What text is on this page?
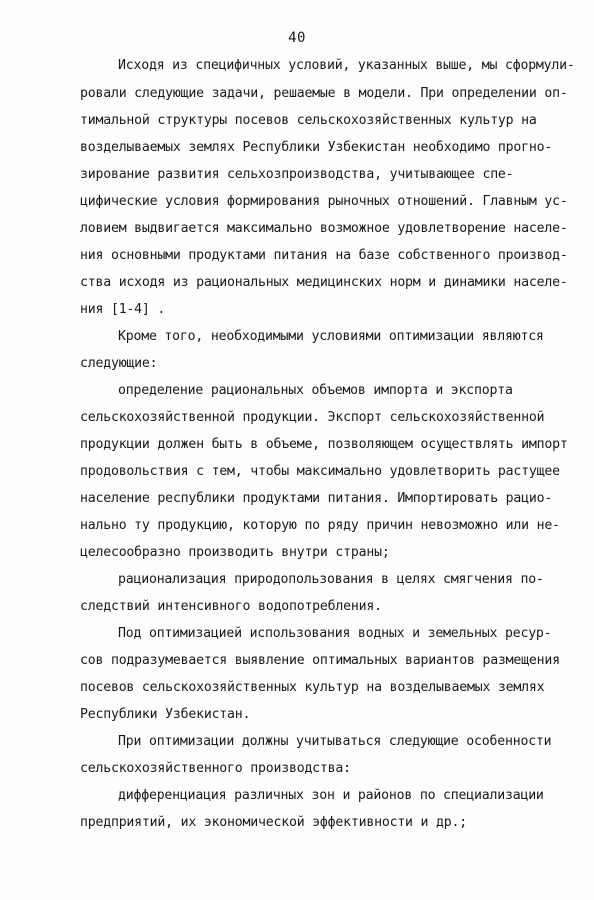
40
Исходя из специфичных условий, указанных выше, мы сформули-
ровали следующие задачи, решаемые в модели. При определении оп-
тимальной структуры посевов сельскохозяйственных культур на
возделываемых землях Республики Узбекистан необходимо прогно-
зирование развития сельхозпроизводства, учитывающее спе-
цифические условия формирования рыночных отношений. Главным ус-
ловием выдвигается максимально возможное удовлетворение населе-
ния основными продуктами питания на базе собственного производ-
ства исходя из рациональных медицинских норм и динамики населе-
ния [1-4] .
Кроме того, необходимыми условиями оптимизации являются
следующие:
определение рациональных объемов импорта и экспорта
сельскохозяйственной продукции. Экспорт сельскохозяйственной
продукции должен быть в объеме, позволяющем осуществлять импорт
продовольствия с тем, чтобы максимально удовлетворить растущее
население республики продуктами питания. Импортировать рацио-
нально ту продукцию, которую по ряду причин невозможно или не-
целесообразно производить внутри страны;
рационализация природопользования в целях смягчения по-
следствий интенсивного водопотребления.
Под оптимизацией использования водных и земельных ресур-
сов подразумевается выявление оптимальных вариантов размещения
посевов сельскохозяйственных культур на возделываемых землях
Республики Узбекистан.
При оптимизации должны учитываться следующие особенности
сельскохозяйственного производства:
дифференциация различных зон и районов по специализации
предприятий, их экономической эффективности и др.;
